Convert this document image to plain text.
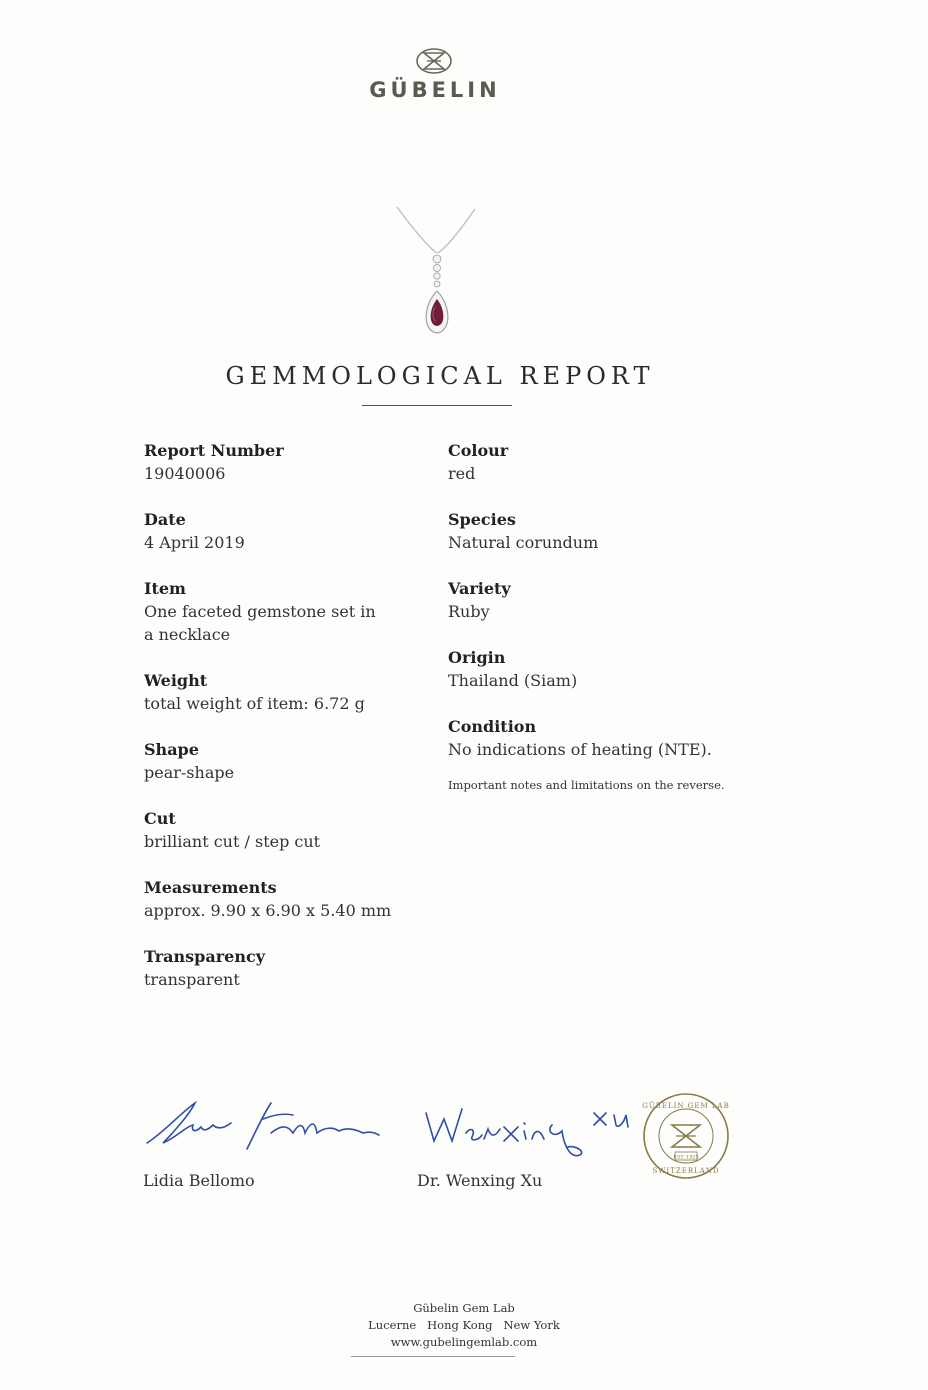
GÜBELIN
GEMMOLOGICAL REPORT
Report Number
19040006
Date
4 April 2019
Item
One faceted gemstone set in a necklace
Weight
total weight of item: 6.72 g
Shape
pear-shape
Cut
brilliant cut / step cut
Measurements
approx. 9.90 x 6.90 x 5.40 mm
Transparency
transparent
Colour
red
Species
Natural corundum
Variety
Ruby
Origin
Thailand (Siam)
Condition
No indications of heating (NTE).
Important notes and limitations on the reverse.
EST. 1923
GÜBELIN GEM LAB
SWITZERLAND
Lidia Bellomo	Dr. Wenxing Xu
Gübelin Gem Lab
Lucerne   Hong Kong   New York
www.gubelingemlab.com
